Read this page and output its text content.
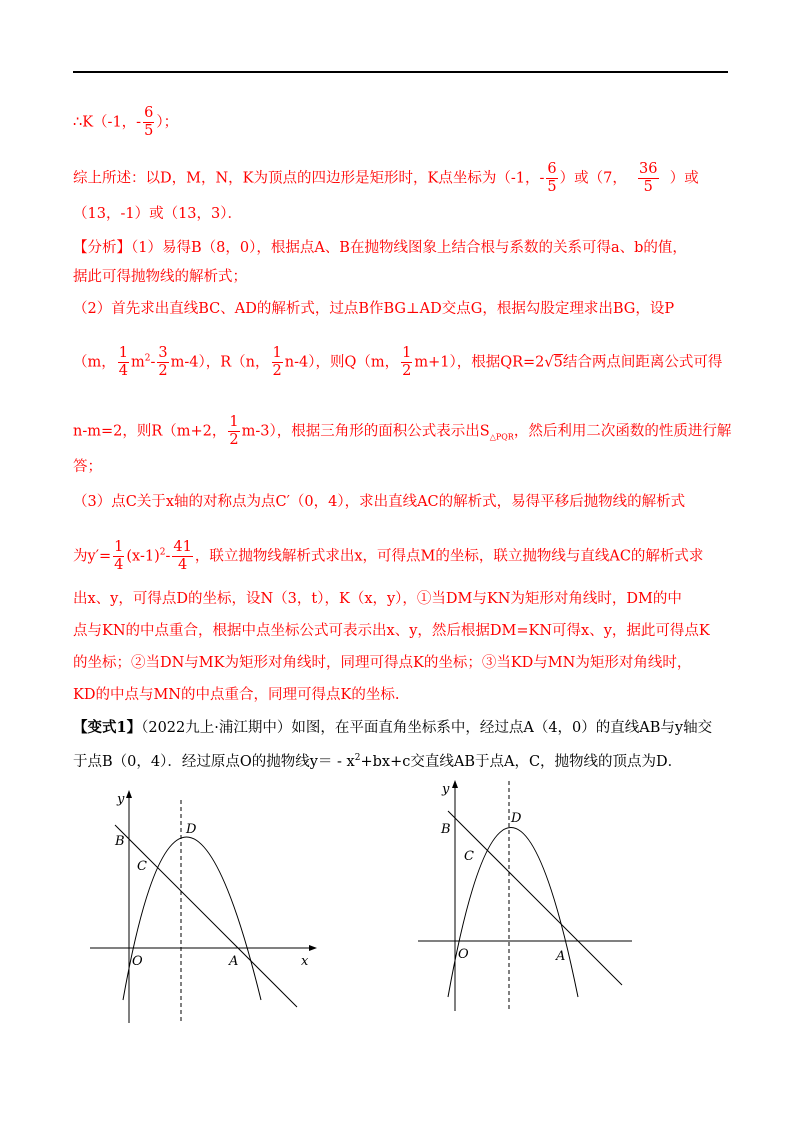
∴K（-1，- $\frac{6}{5}$ ）；
综上所述：以D，M，N，K为顶点的四边形是矩形时，K点坐标为（-1，- $\frac{6}{5}$ ）或（7， $\frac{36}{5}$ ）或
（13，-1）或（13，3）．
【分析】（1）易得B（8，0），根据点A、B在抛物线图象上结合根与系数的关系可得a、b的值，
据此可得抛物线的解析式；
（2）首先求出直线BC、AD的解析式，过点B作BG⊥AD交点G，根据勾股定理求出BG，设P
（m， $\frac{1}{4} m^2- \frac{3}{2} m-4$），R（n， $\frac{1}{2} n-4$），则Q（m， $\frac{1}{2} m+1$），根据QR=2√5结合两点间距离公式可得
n-m=2，则R（m+2， $\frac{1}{2} m-3$），根据三角形的面积公式表示出$S_{\triangle PQR}$，然后利用二次函数的性质进行解
答；
（3）点C关于x轴的对称点为点C′（0，4），求出直线AC的解析式，易得平移后抛物线的解析式
为$y'= \frac{1}{4} (x-1)^2- \frac{41}{4}$ ，联立抛物线解析式求出x，可得点M的坐标，联立抛物线与直线AC的解析式求
出x、y，可得点D的坐标，设N（3，t），K（x，y），①当DM与KN为矩形对角线时，DM的中
点与KN的中点重合，根据中点坐标公式可表示出x、y，然后根据DM=KN可得x、y，据此可得点K
的坐标；②当DN与MK为矩形对角线时，同理可得点K的坐标；③当KD与MN为矩形对角线时，
KD的中点与MN的中点重合，同理可得点K的坐标.
【变式1】（2022九上·浦江期中）如图，在平面直角坐标系中，经过点A（4，0）的直线AB与y轴交
于点B（0，4）．经过原点O的抛物线$y= - x^2+bx+c$交直线AB于点A，C，抛物线的顶点为D．
y
x
B
C
D
O	A
y
B
C
D
O	A
